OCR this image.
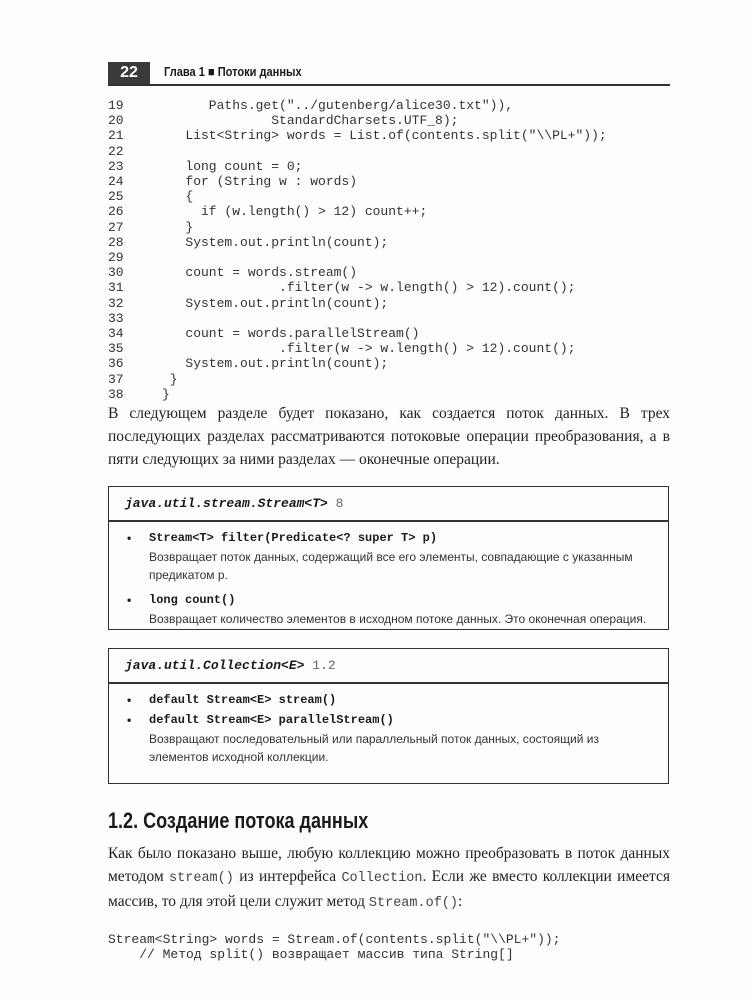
22	Глава 1 ■ Потоки данных
19	Paths.get("../gutenberg/alice30.txt")),
20	StandardCharsets.UTF_8);
21	List<String> words = List.of(contents.split("\\PL+"));
22
23	long count = 0;
24	for (String w : words)
25	{
26	if (w.length() > 12) count++;
27	}
28	System.out.println(count);
29
30	count = words.stream()
31	.filter(w -> w.length() > 12).count();
32	System.out.println(count);
33
34	count = words.parallelStream()
35	.filter(w -> w.length() > 12).count();
36	System.out.println(count);
37	}
38	}
В следующем разделе будет показано, как создается поток данных. В трех последующих разделах рассматриваются потоковые операции преобразования, а в пяти следующих за ними разделах — оконечные операции.
java.util.stream.Stream<T> 8
• Stream<T> filter(Predicate<? super T> p)
Возвращает поток данных, содержащий все его элементы, совпадающие с указанным предикатом p.
• long count()
Возвращает количество элементов в исходном потоке данных. Это оконечная операция.
java.util.Collection<E> 1.2
• default Stream<E> stream()
• default Stream<E> parallelStream()
Возвращают последовательный или параллельный поток данных, состоящий из элементов исходной коллекции.
1.2. Создание потока данных
Как было показано выше, любую коллекцию можно преобразовать в поток данных методом stream() из интерфейса Collection. Если же вместо коллекции имеется массив, то для этой цели служит метод Stream.of():
Stream<String> words = Stream.of(contents.split("\\PL+"));
// Метод split() возвращает массив типа String[]
